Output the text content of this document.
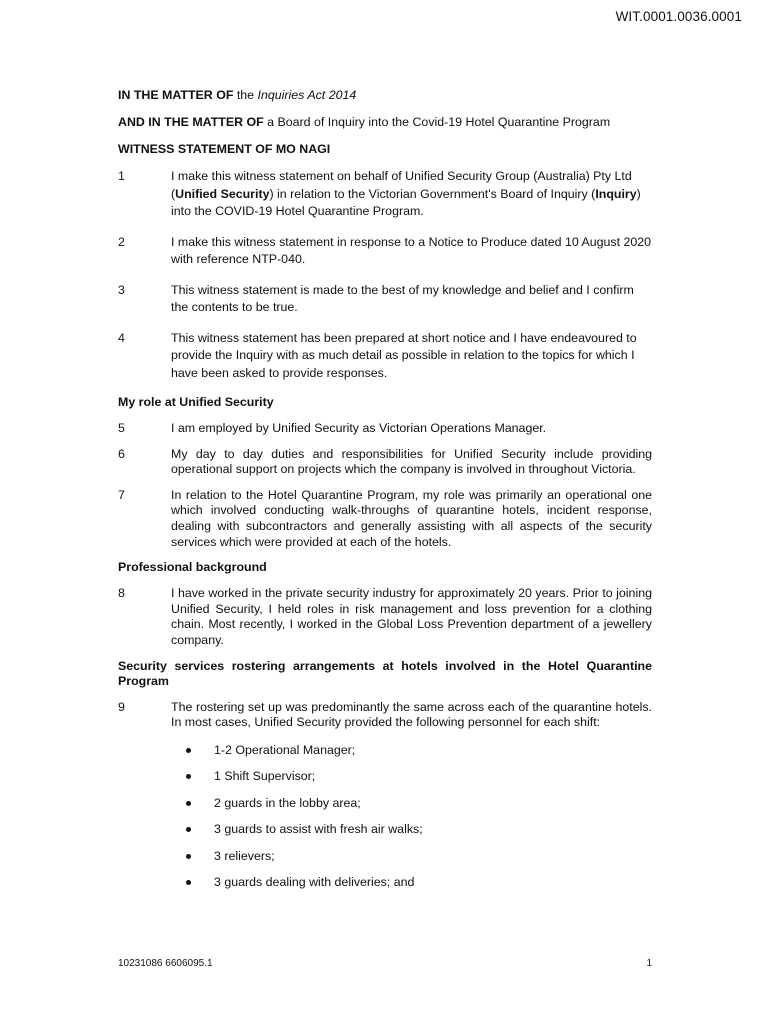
WIT.0001.0036.0001

IN THE MATTER OF the Inquiries Act 2014

AND IN THE MATTER OF a Board of Inquiry into the Covid-19 Hotel Quarantine Program

WITNESS STATEMENT OF MO NAGI

1	I make this witness statement on behalf of Unified Security Group (Australia) Pty Ltd (Unified Security) in relation to the Victorian Government's Board of Inquiry (Inquiry) into the COVID-19 Hotel Quarantine Program.
2	I make this witness statement in response to a Notice to Produce dated 10 August 2020 with reference NTP-040.
3	This witness statement is made to the best of my knowledge and belief and I confirm the contents to be true.
4	This witness statement has been prepared at short notice and I have endeavoured to provide the Inquiry with as much detail as possible in relation to the topics for which I have been asked to provide responses.

My role at Unified Security

5	I am employed by Unified Security as Victorian Operations Manager.
6	My day to day duties and responsibilities for Unified Security include providing operational support on projects which the company is involved in throughout Victoria.
7	In relation to the Hotel Quarantine Program, my role was primarily an operational one which involved conducting walk-throughs of quarantine hotels, incident response, dealing with subcontractors and generally assisting with all aspects of the security services which were provided at each of the hotels.

Professional background

8	I have worked in the private security industry for approximately 20 years. Prior to joining Unified Security, I held roles in risk management and loss prevention for a clothing chain. Most recently, I worked in the Global Loss Prevention department of a jewellery company.

Security services rostering arrangements at hotels involved in the Hotel Quarantine Program

9	The rostering set up was predominantly the same across each of the quarantine hotels. In most cases, Unified Security provided the following personnel for each shift:
1-2 Operational Manager;
1 Shift Supervisor;
2 guards in the lobby area;
3 guards to assist with fresh air walks;
3 relievers;
3 guards dealing with deliveries; and
10231086 6606095.1	1
